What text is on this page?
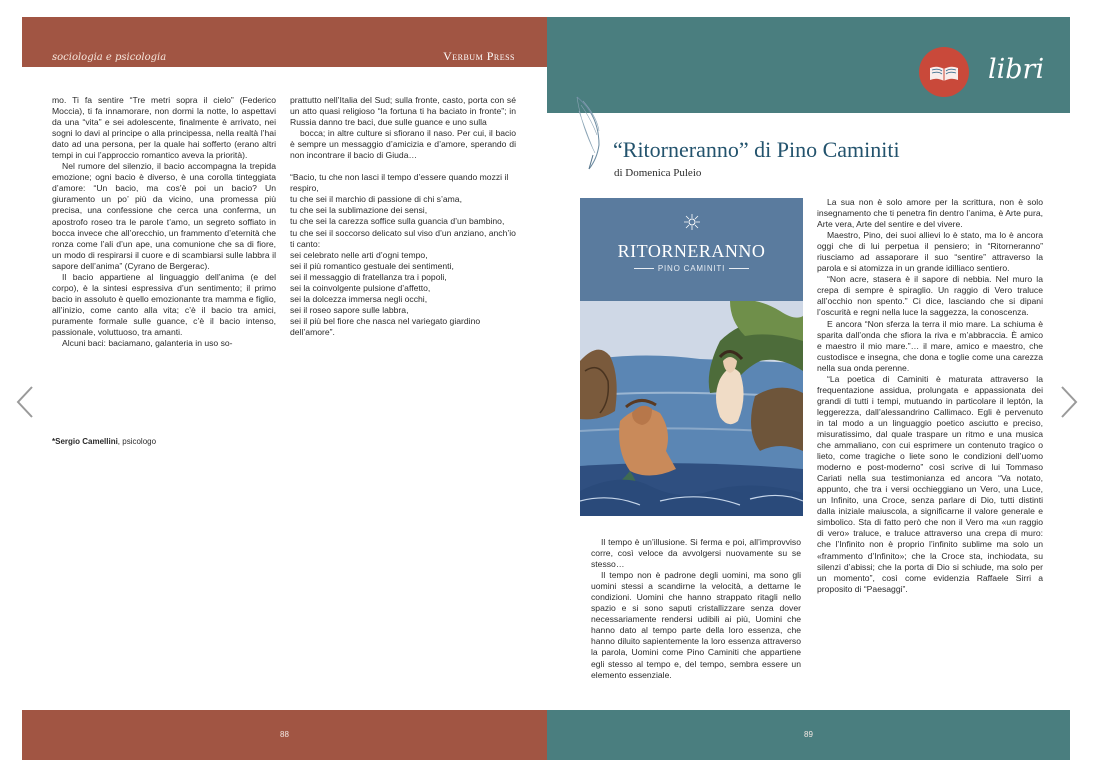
sociologia e psicologia	Verbum Press

mo. Ti fa sentire “Tre metri sopra il cielo” (Federico Moccia), ti fa innamorare, non dormi la notte, lo aspettavi da una “vita” e sei adolescente, finalmente è arrivato, nei sogni lo davi al principe o alla principessa, nella realtà l’hai dato ad una persona, per la quale hai sofferto (erano altri tempi in cui l’approccio romantico aveva la priorità).

Nel rumore del silenzio, il bacio accompagna la trepida emozione; ogni bacio è diverso, è una corolla tinteggiata d’amore: “Un bacio, ma cos’è poi un bacio? Un giuramento un po’ più da vicino, una promessa più precisa, una confessione che cerca una conferma, un apostrofo roseo tra le parole t’amo, un segreto soffiato in bocca invece che all’orecchio, un frammento d’eternità che ronza come l’ali d’un ape, una comunione che sa di fiore, un modo di respirarsi il cuore e di scambiarsi sulle labbra il sapore dell’anima” (Cyrano de Bergerac).

Il bacio appartiene al linguaggio dell’anima (e del corpo), è la sintesi espressiva d’un sentimento; il primo bacio in assoluto è quello emozionante tra mamma e figlio, all’inizio, come canto alla vita; c’è il bacio tra amici, puramente formale sulle guance, c’è il bacio intenso, passionale, voluttuoso, tra amanti.

Alcuni baci: baciamano, galanteria in uso so-

prattutto nell’Italia del Sud; sulla fronte, casto, porta con sé un atto quasi religioso “la fortuna ti ha baciato in fronte”; in Russia danno tre baci, due sulle guance e uno sulla

bocca; in altre culture si sfiorano il naso. Per cui, il bacio è sempre un messaggio d’amicizia e d’amore, sperando di non incontrare il bacio di Giuda…

“Bacio, tu che non lasci il tempo d’essere quando mozzi il respiro,

tu che sei il marchio di passione di chi s’ama,

tu che sei la sublimazione dei sensi,

tu che sei la carezza soffice sulla guancia d’un bambino,

tu che sei il soccorso delicato sul viso d’un anziano, anch’io ti canto:

sei celebrato nelle arti d’ogni tempo,

sei il più romantico gestuale dei sentimenti,

sei il messaggio di fratellanza tra i popoli,

sei la coinvolgente pulsione d’affetto,

sei la dolcezza immersa negli occhi,

sei il roseo sapore sulle labbra,

sei il più bel fiore che nasca nel variegato giardino dell’amore”.

*Sergio Camellini, psicologo
88
libri
“Ritorneranno” di Pino Caminiti
di Domenica Puleio
RITORNERANNO
PINO CAMINITI

Il tempo è un’illusione. Si ferma e poi, all’improvviso corre, così veloce da avvolgersi nuovamente su se stesso…

Il tempo non è padrone degli uomini, ma sono gli uomini stessi a scandirne la velocità, a dettarne le condizioni. Uomini che hanno strappato ritagli nello spazio e si sono saputi cristallizzare senza dover necessariamente rendersi udibili ai più, Uomini che hanno dato al tempo parte della loro essenza, che hanno diluito sapientemente la loro essenza attraverso la parola, Uomini come Pino Caminiti che appartiene egli stesso al tempo e, del tempo, sembra essere un elemento essenziale.

La sua non è solo amore per la scrittura, non è solo insegnamento che ti penetra fin dentro l’anima, è Arte pura, Arte vera, Arte del sentire e del vivere.

Maestro, Pino, dei suoi allievi lo è stato, ma lo è ancora oggi che di lui perpetua il pensiero; in “Ritorneranno” riusciamo ad assaporare il suo “sentire” attraverso la parola e si atomizza in un grande idilliaco sentiero.

“Non acre, stasera è il sapore di nebbia. Nel muro la crepa di sempre è spiraglio. Un raggio di Vero traluce all’occhio non spento.” Ci dice, lasciando che si dipani l’oscurità e regni nella luce la saggezza, la conoscenza.

E ancora “Non sferza la terra il mio mare. La schiuma è sparita dall’onda che sfiora la riva e m’abbraccia. È amico e maestro il mio mare.”… il mare, amico e maestro, che custodisce e insegna, che dona e toglie come una carezza nella sua onda perenne.

“La poetica di Caminiti è maturata attraverso la frequentazione assidua, prolungata e appassionata dei grandi di tutti i tempi, mutuando in particolare il leptón, la leggerezza, dall’alessandrino Callimaco. Egli è pervenuto in tal modo a un linguaggio poetico asciutto e preciso, misuratissimo, dal quale traspare un ritmo e una musica che ammaliano, con cui esprimere un contenuto tragico o lieto, come tragiche o liete sono le condizioni dell’uomo moderno e post-moderno” così scrive di lui Tommaso Cariati nella sua testimonianza ed ancora “Va notato, appunto, che tra i versi occhieggiano un Vero, una Luce, un Infinito, una Croce, senza parlare di Dio, tutti distinti dalla iniziale maiuscola, a significarne il valore generale e simbolico. Sta di fatto però che non il Vero ma «un raggio di vero» traluce, e traluce attraverso una crepa di muro: che l’Infinito non è proprio l’infinito sublime ma solo un «frammento d’Infinito»; che la Croce sta, inchiodata, su silenzi d’abissi; che la porta di Dio si schiude, ma solo per un momento”, così come evidenzia Raffaele Sirri a proposito di “Paesaggi”.

89
